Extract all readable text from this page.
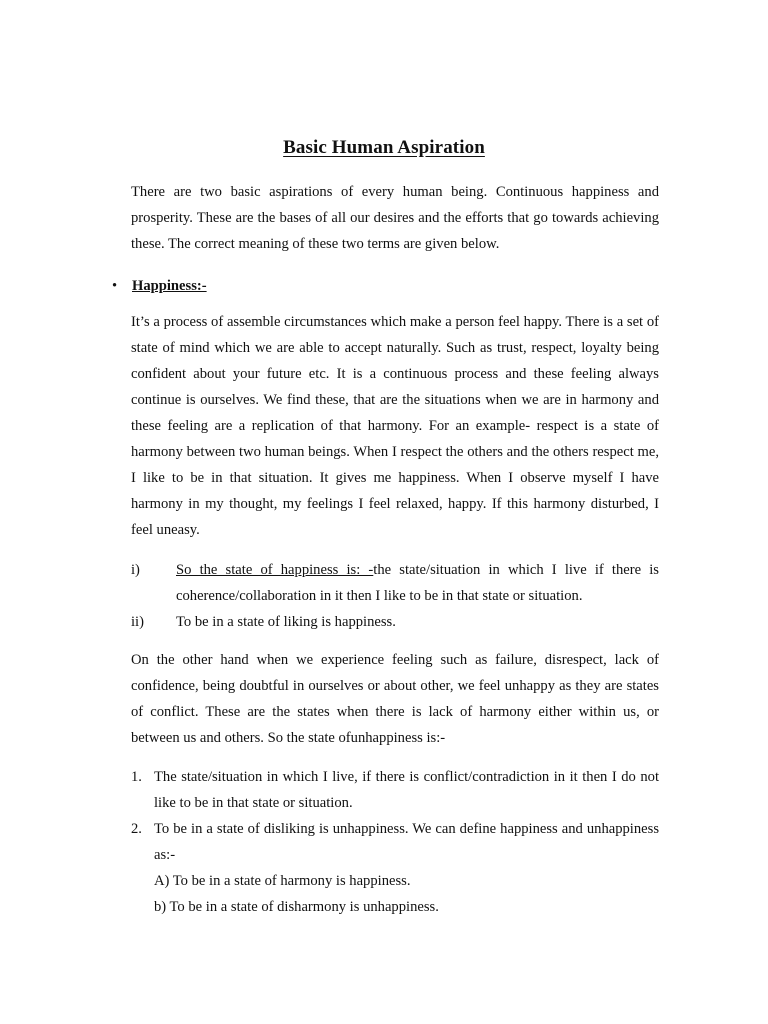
Basic Human Aspiration

There are two basic aspirations of every human being. Continuous happiness and prosperity. These are the bases of all our desires and the efforts that go towards achieving these. The correct meaning of these two terms are given below.

• Happiness:-

It’s a process of assemble circumstances which make a person feel happy. There is a set of state of mind which we are able to accept naturally. Such as trust, respect, loyalty being confident about your future etc. It is a continuous process and these feeling always continue is ourselves. We find these, that are the situations when we are in harmony and these feeling are a replication of that harmony. For an example- respect is a state of harmony between two human beings. When I respect the others and the others respect me, I like to be in that situation. It gives me happiness. When I observe myself I have harmony in my thought, my feelings I feel relaxed, happy. If this harmony disturbed, I feel uneasy.

i) So the state of happiness is: -the state/situation in which I live if there is coherence/collaboration in it then I like to be in that state or situation.
ii) To be in a state of liking is happiness.

On the other hand when we experience feeling such as failure, disrespect, lack of confidence, being doubtful in ourselves or about other, we feel unhappy as they are states of conflict. These are the states when there is lack of harmony either within us, or between us and others. So the state ofunhappiness is:-

1. The state/situation in which I live, if there is conflict/contradiction in it then I do not like to be in that state or situation.
2. To be in a state of disliking is unhappiness. We can define happiness and unhappiness as:-
A) To be in a state of harmony is happiness.
b) To be in a state of disharmony is unhappiness.
